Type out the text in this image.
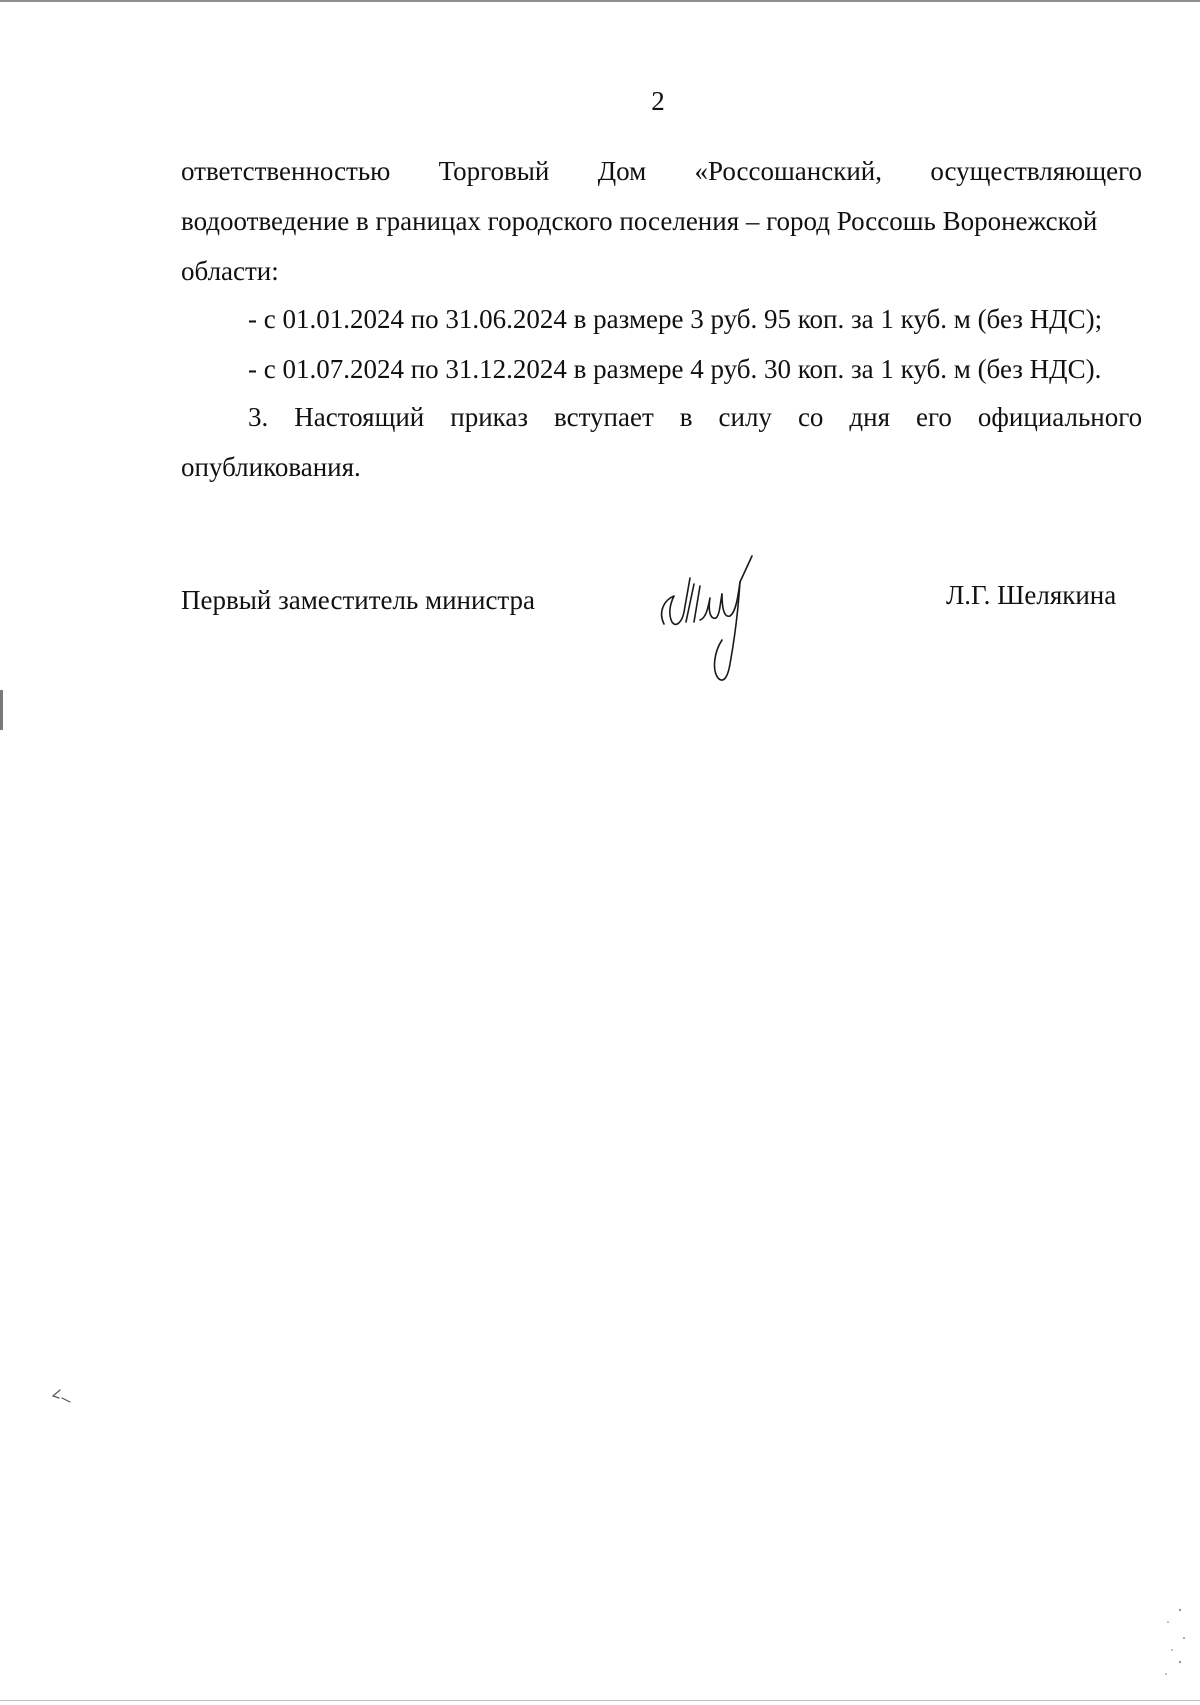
2
ответственностью Торговый Дом «Россошанский, осуществляющего
водоотведение в границах городского поселения – город Россошь Воронежской
области:
- с 01.01.2024 по 31.06.2024 в размере 3 руб. 95 коп. за 1 куб. м (без НДС);
- с 01.07.2024 по 31.12.2024 в размере 4 руб. 30 коп. за 1 куб. м (без НДС).
3. Настоящий приказ вступает в силу со дня его официального
опубликования.
Первый заместитель министра	Л.Г. Шелякина
